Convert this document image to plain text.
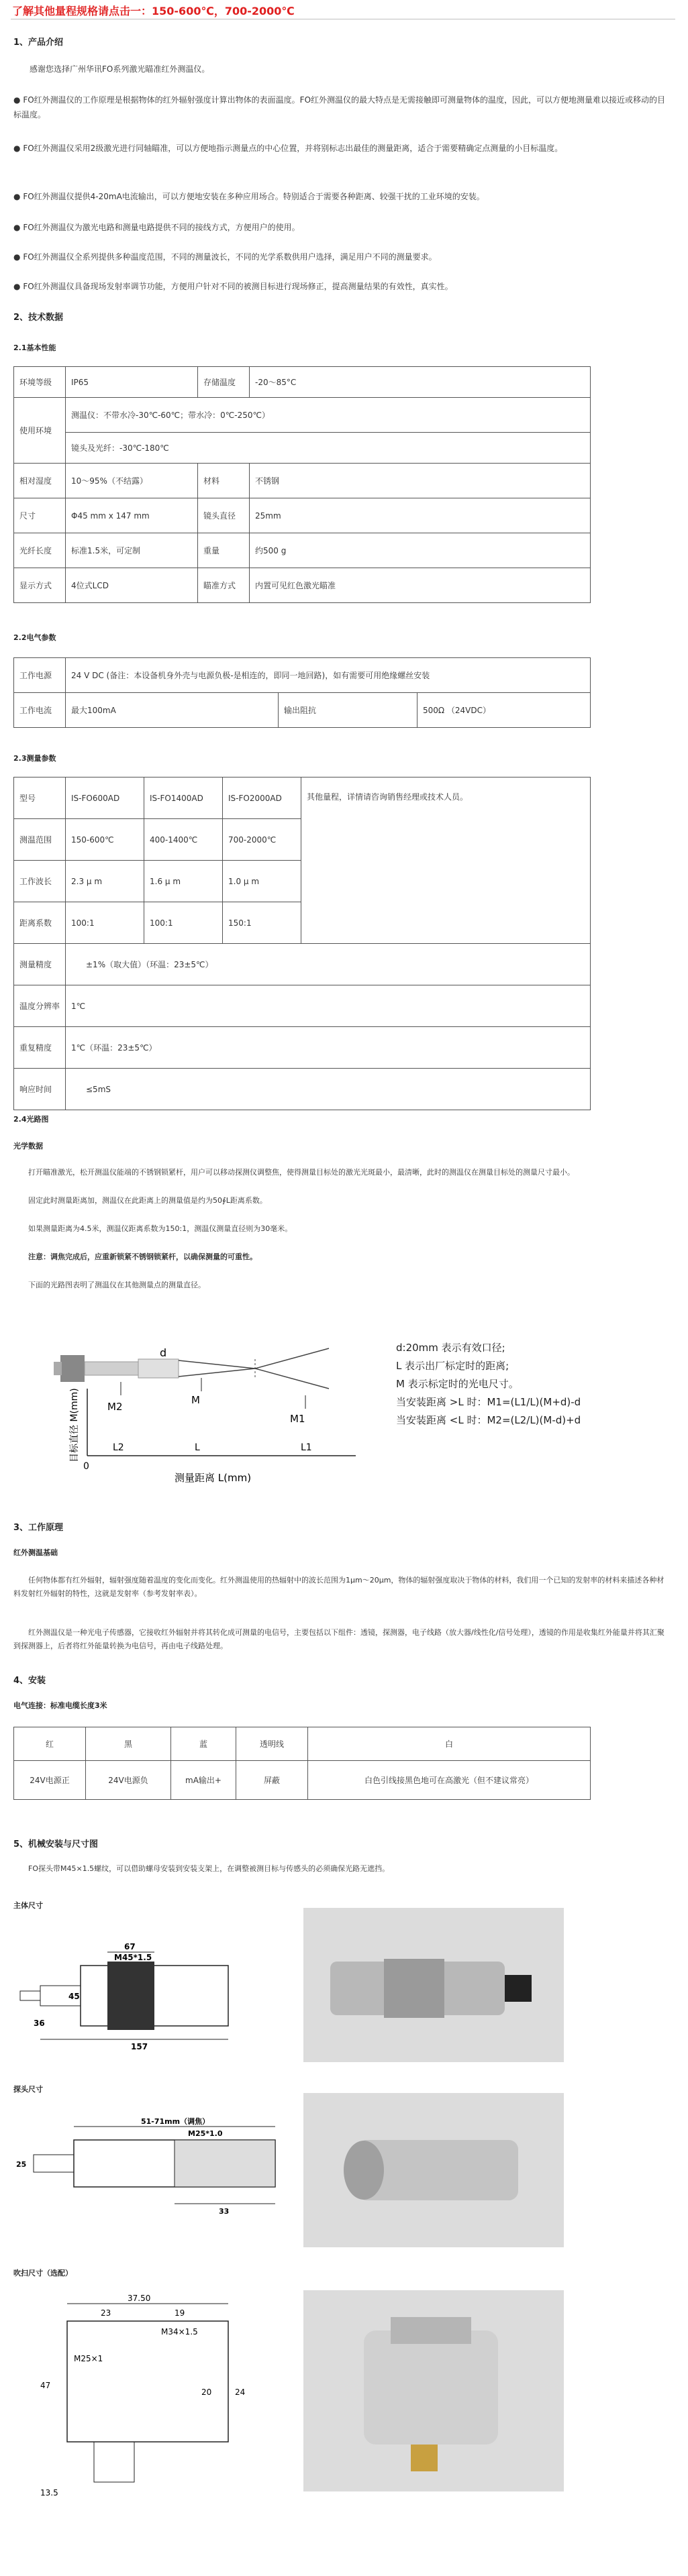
了解其他量程规格请点击一：150-600℃，700-2000℃
1、产品介绍
感谢您选择广州华讯FO系列激光瞄准红外测温仪。
● FO红外测温仪的工作原理是根据物体的红外辐射强度计算出物体的表面温度。FO红外测温仪的最大特点是无需接触即可测量物体的温度，因此，可以方便地测量难以接近或移动的目标温度。
● FO红外测温仪采用2级激光进行同轴瞄准，可以方便地指示测量点的中心位置，并将别标志出最佳的测量距离，适合于需要精确定点测量的小目标温度。
● FO红外测温仪提供4-20mA电流输出，可以方便地安装在多种应用场合。特别适合于需要各种距离、较强干扰的工业环境的安装。
● FO红外测温仪为激光电路和测量电路提供不同的接线方式，方便用户的使用。
● FO红外测温仪全系列提供多种温度范围，不同的测量波长，不同的光学系数供用户选择，满足用户不同的测量要求。
● FO红外测温仪具备现场发射率调节功能，方便用户针对不同的被测目标进行现场修正，提高测量结果的有效性，真实性。
2、技术数据
2.1基本性能
环境等级	IP65	存储温度	-20～85°C
使用环境	测温仪：不带水冷-30℃-60℃；带水冷：0℃-250℃）		
	镜头及光纤：-30℃-180℃		
相对湿度	10～95%（不结露）	材料	不锈钢
尺寸	Φ45 mm x 147 mm	镜头直径	25mm
光纤长度	标准1.5米，可定制	重量	约500 g
显示方式	4位式LCD	瞄准方式	内置可见红色激光瞄准
2.2电气参数
工作电源	24 V DC (备注：本设备机身外壳与电源负极-是相连的，即同一地回路)，如有需要可用绝缘螺丝安装		
工作电流	最大100mA	输出阻抗	500Ω （24VDC）
2.3测量参数
型号	IS-FO600AD	IS-FO1400AD	IS-FO2000AD	其他量程，详情请咨询销售经理或技术人员。
测温范围	150-600℃	400-1400℃	700-2000℃	
工作波长	2.3 μ m	1.6 μ m	1.0 μ m	
距离系数	100:1	100:1	150:1	
测量精度	±1%（取大值）（环温：23±5℃）			
温度分辨率	1℃			
重复精度	1℃（环温：23±5℃）			
响应时间	≤5mS			
2.4光路图
光学数据
打开瞄准激光，松开测温仪能端的不锈钢锁紧杆，用户可以移动探测仪调整焦，使得测量目标处的激光光斑最小，最清晰，此时的测温仪在测量目标处的测量尺寸最小。
固定此时测量距离加，测温仪在此距离上的测量值是约为50∮L距离系数。
如果测量距离为4.5米，测温仪距离系数为150:1，测温仪测量直径则为30毫米。
注意：调焦完成后，应重新锁紧不锈钢锁紧杆，以确保测量的可重性。
下面的光路图表明了测温仪在其他测量点的测量直径。
d
M2
M
M1
0
L2	L	L1
测量距离 L(mm)
目标直径 M(mm)
d:20mm 表示有效口径;
L 表示出厂标定时的距离;
M 表示标定时的光电尺寸。
当安装距离 >L 时：M1=(L1/L)(M+d)-d
当安装距离 <L 时：M2=(L2/L)(M-d)+d
3、工作原理
红外测温基础
任何物体都有红外辐射，辐射强度随着温度的变化而变化。红外测温使用的热辐射中的波长范围为1μm～20μm，物体的辐射强度取决于物体的材料，我们用一个已知的发射率的材料来描述各种材料发射红外辐射的特性，这就是发射率（参考发射率表）。
红外测温仪是一种光电子传感器，它接收红外辐射并将其转化成可测量的电信号，主要包括以下组件：透镜，探测器，电子线路（放大器/线性化/信号处理），透镜的作用是收集红外能量并将其汇聚到探测器上，后者将红外能量转换为电信号，再由电子线路处理。
4、安装
电气连接：标准电缆长度3米
红	黑	蓝	透明线	白
24V电源正	24V电源负	mA输出+	屏蔽	白色引线接黑色地可在高激光（但不建议常亮）
5、机械安装与尺寸图
FO探头带M45×1.5螺纹，可以借助螺母安装到安装支架上，在调整被测目标与传感头的必须确保光路无遮挡。
主体尺寸
67
M45*1.5
45
36
157
探头尺寸
51-71mm（调焦）
M25*1.0
25
33
吹扫尺寸（选配）
37.50
23	19
M34×1.5
M25×1
47
20	24
13.5
